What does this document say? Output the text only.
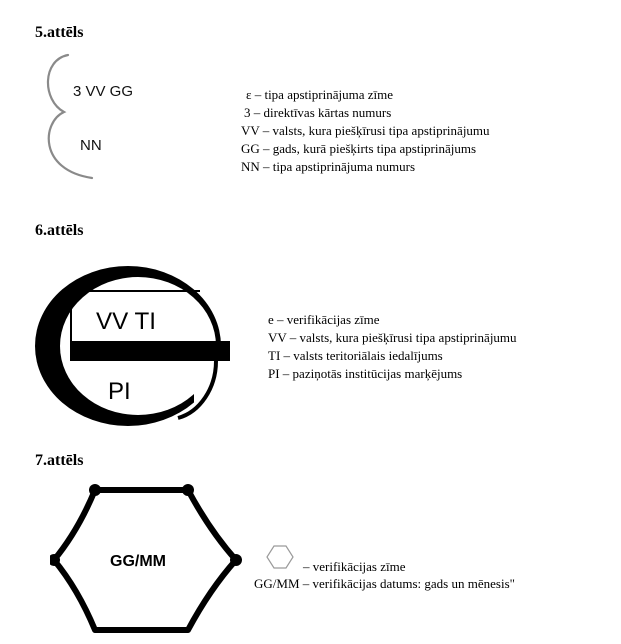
5.attēls
3 VV GG
NN
ε – tipa apstiprinājuma zīme
3 – direktīvas kārtas numurs
VV – valsts, kura piešķīrusi tipa apstiprinājumu
GG – gads, kurā piešķirts tipa apstiprinājums
NN – tipa apstiprinājuma numurs
6.attēls
VV TI
PI
e – verifikācijas zīme
VV – valsts, kura piešķīrusi tipa apstiprinājumu
TI – valsts teritoriālais iedalījums
PI – paziņotās institūcijas marķējums
7.attēls
GG/MM	– verifikācijas zīme
GG/MM – verifikācijas datums: gads un mēnesis"
